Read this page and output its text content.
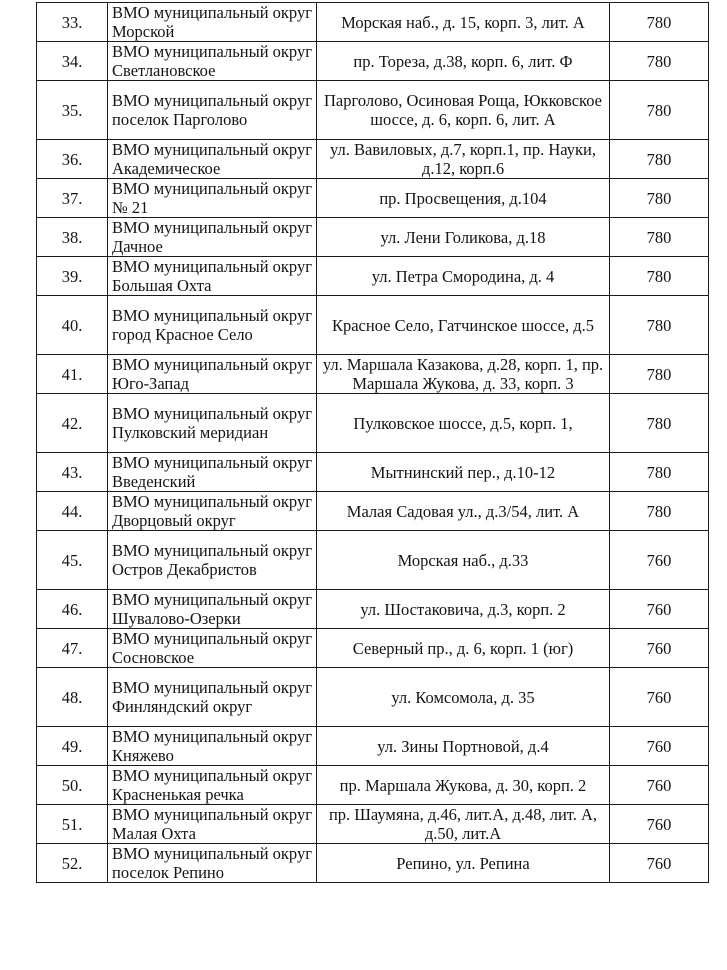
33.	ВМО муниципальный округ Морской	Морская наб., д. 15, корп. 3, лит. А	780
34.	ВМО муниципальный округ Светлановское	пр. Тореза, д.38, корп. 6, лит. Ф	780
35.	ВМО муниципальный округ поселок Парголово	Парголово, Осиновая Роща, Юкковское шоссе, д. 6, корп. 6, лит. А	780
36.	ВМО муниципальный округ Академическое	ул. Вавиловых, д.7, корп.1, пр. Науки, д.12, корп.6	780
37.	ВМО муниципальный округ № 21	пр. Просвещения, д.104	780
38.	ВМО муниципальный округ Дачное	ул. Лени Голикова, д.18	780
39.	ВМО муниципальный округ Большая Охта	ул. Петра Смородина, д. 4	780
40.	ВМО муниципальный округ город Красное Село	Красное Село, Гатчинское шоссе, д.5	780
41.	ВМО муниципальный округ Юго-Запад	ул. Маршала Казакова, д.28, корп. 1, пр. Маршала Жукова, д. 33, корп. 3	780
42.	ВМО муниципальный округ Пулковский меридиан	Пулковское шоссе, д.5, корп. 1,	780
43.	ВМО муниципальный округ Введенский	Мытнинский пер., д.10-12	780
44.	ВМО муниципальный округ Дворцовый округ	Малая Садовая ул., д.3/54, лит. А	780
45.	ВМО муниципальный округ Остров Декабристов	Морская наб., д.33	760
46.	ВМО муниципальный округ Шувалово-Озерки	ул. Шостаковича, д.3, корп. 2	760
47.	ВМО муниципальный округ Сосновское	Северный пр., д. 6, корп. 1 (юг)	760
48.	ВМО муниципальный округ Финляндский округ	ул. Комсомола, д. 35	760
49.	ВМО муниципальный округ Княжево	ул. Зины Портновой, д.4	760
50.	ВМО муниципальный округ Красненькая речка	пр. Маршала Жукова, д. 30, корп. 2	760
51.	ВМО муниципальный округ Малая Охта	пр. Шаумяна, д.46, лит.А, д.48, лит. А, д.50, лит.А	760
52.	ВМО муниципальный округ поселок Репино	Репино, ул. Репина	760
